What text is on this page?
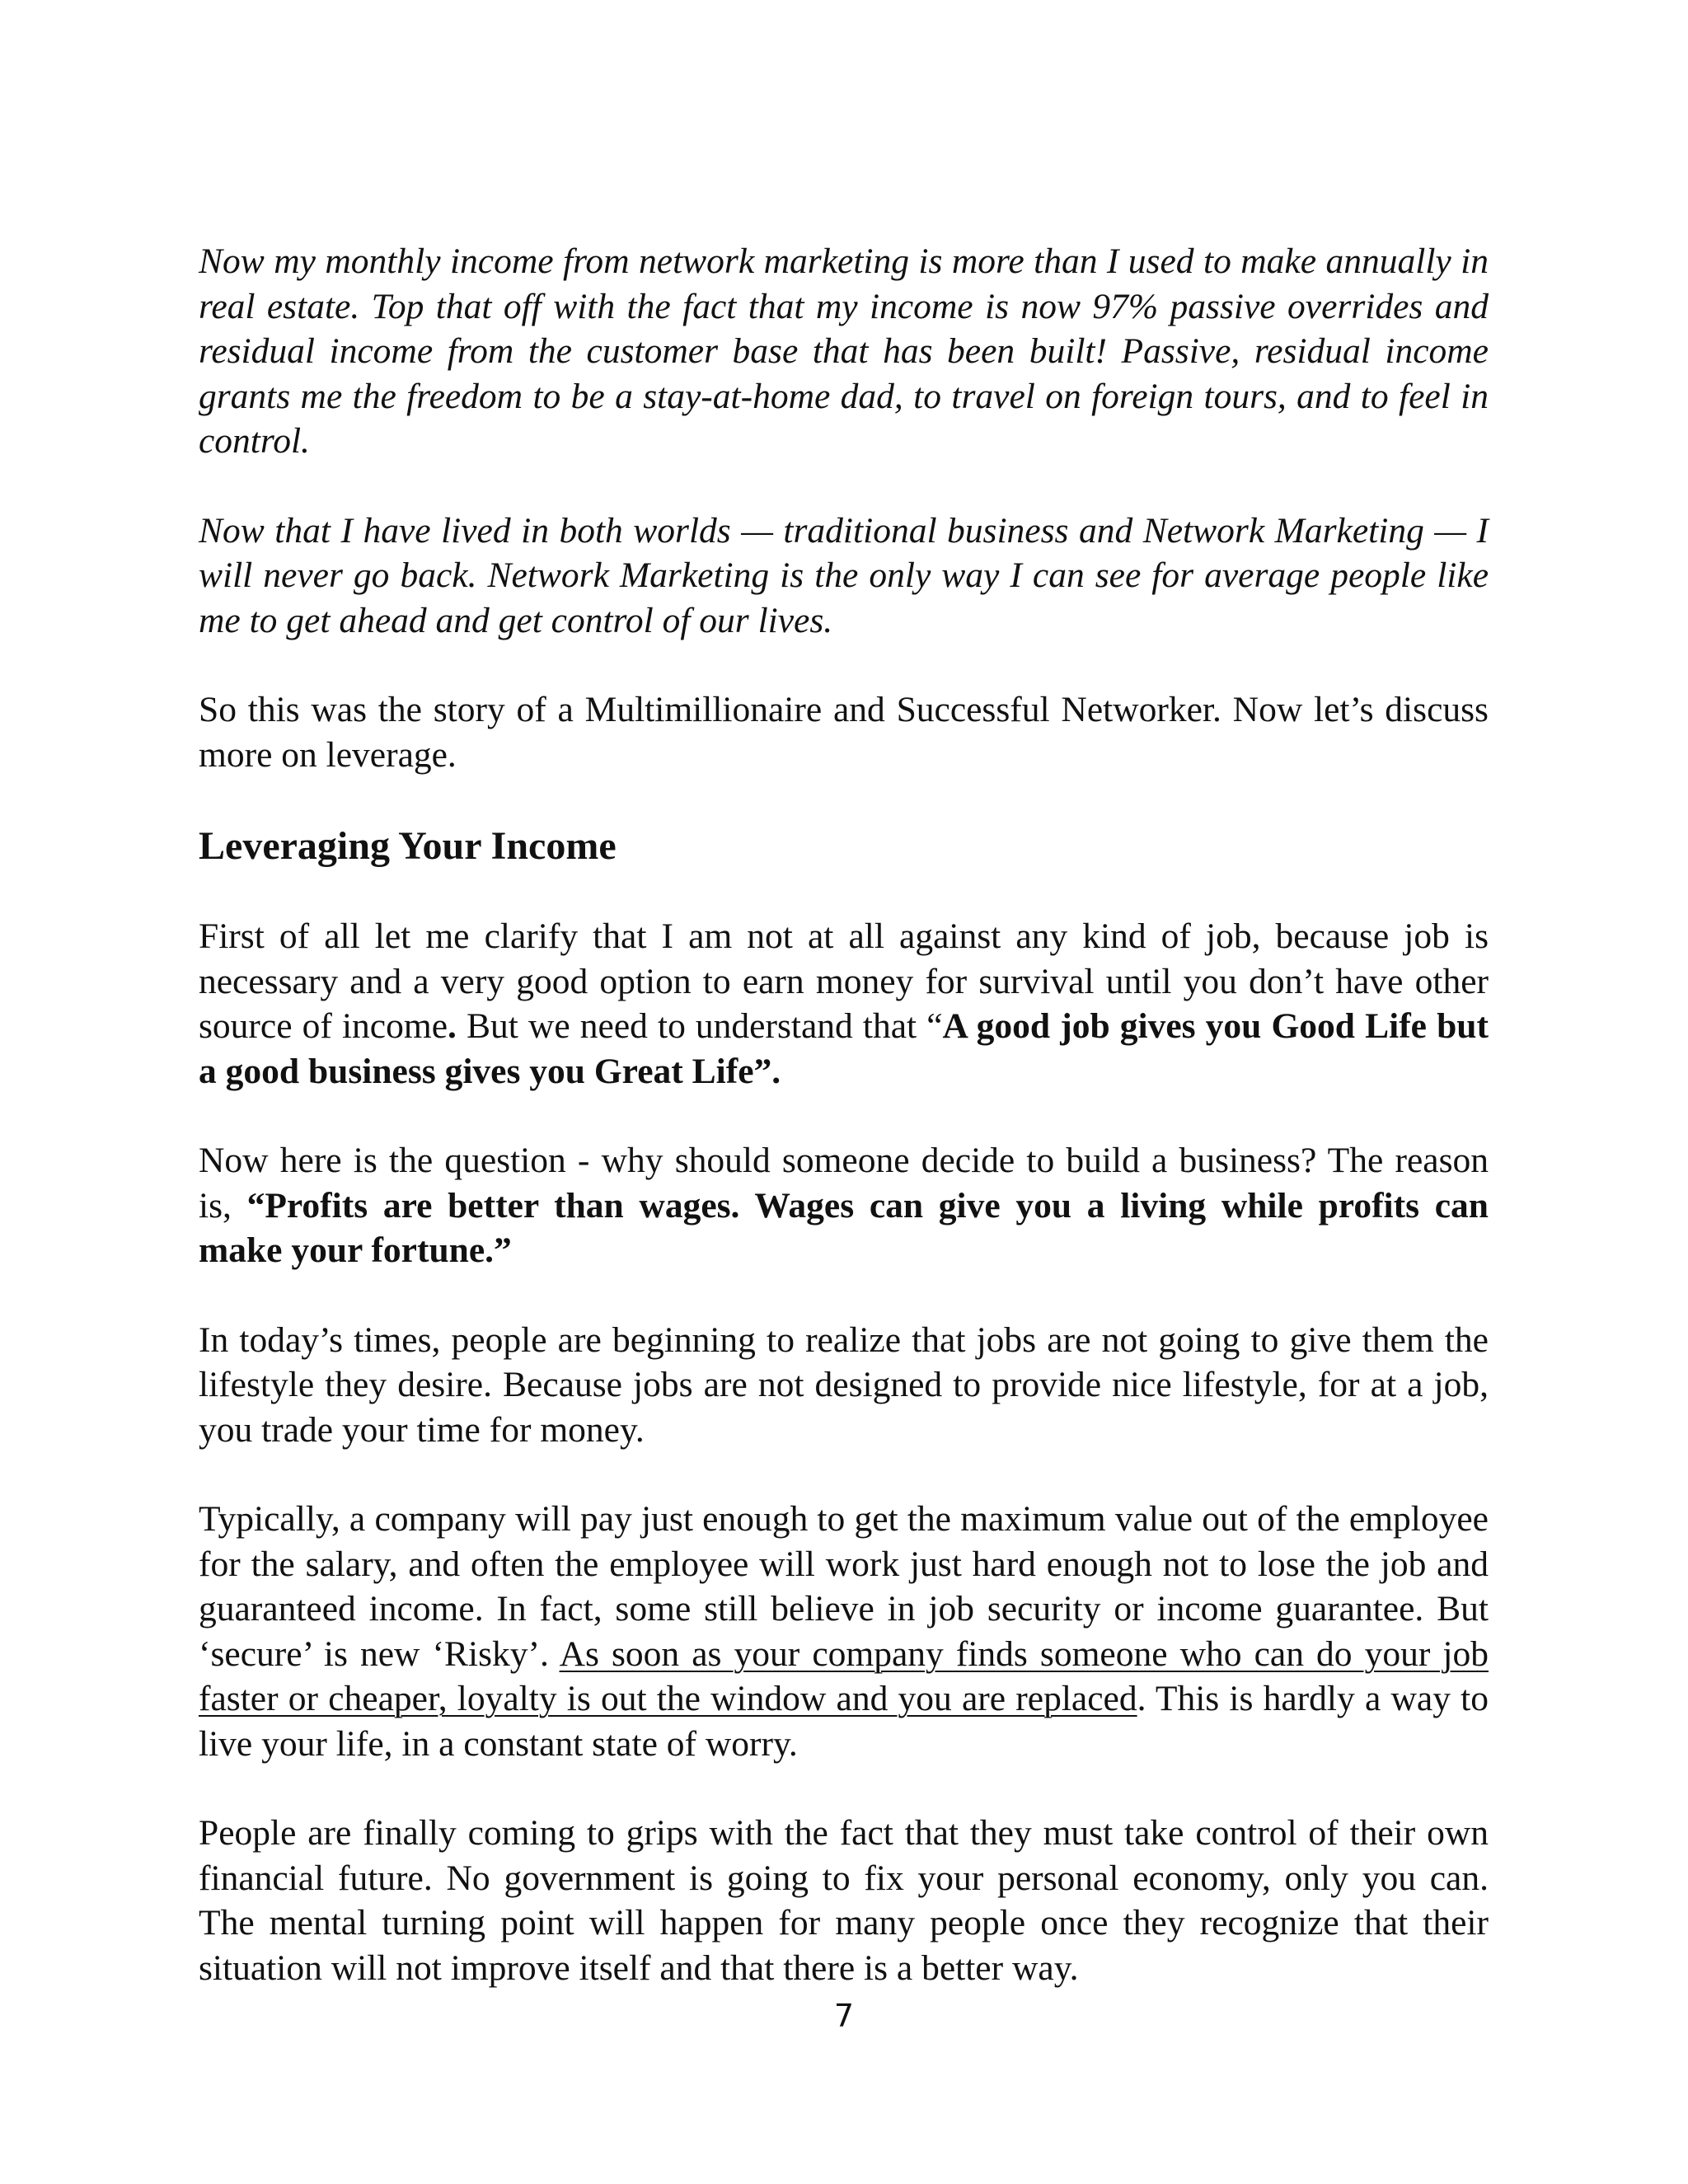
Now my monthly income from network marketing is more than I used to make annually in real estate. Top that off with the fact that my income is now 97% passive overrides and residual income from the customer base that has been built! Passive, residual income grants me the freedom to be a stay-at-home dad, to travel on foreign tours, and to feel in control.

Now that I have lived in both worlds — traditional business and Network Marketing — I will never go back. Network Marketing is the only way I can see for average people like me to get ahead and get control of our lives.

So this was the story of a Multimillionaire and Successful Networker. Now let’s discuss more on leverage.

Leveraging Your Income

First of all let me clarify that I am not at all against any kind of job, because job is necessary and a very good option to earn money for survival until you don’t have other source of income. But we need to understand that “A good job gives you Good Life but a good business gives you Great Life”.

Now here is the question - why should someone decide to build a business? The reason is, “Profits are better than wages. Wages can give you a living while profits can make your fortune.”

In today’s times, people are beginning to realize that jobs are not going to give them the lifestyle they desire. Because jobs are not designed to provide nice lifestyle, for at a job, you trade your time for money.

Typically, a company will pay just enough to get the maximum value out of the employee for the salary, and often the employee will work just hard enough not to lose the job and guaranteed income. In fact, some still believe in job security or income guarantee. But ‘secure’ is new ‘Risky’. As soon as your company finds someone who can do your job faster or cheaper, loyalty is out the window and you are replaced. This is hardly a way to live your life, in a constant state of worry.

People are finally coming to grips with the fact that they must take control of their own financial future. No government is going to fix your personal economy, only you can. The mental turning point will happen for many people once they recognize that their situation will not improve itself and that there is a better way.

7
